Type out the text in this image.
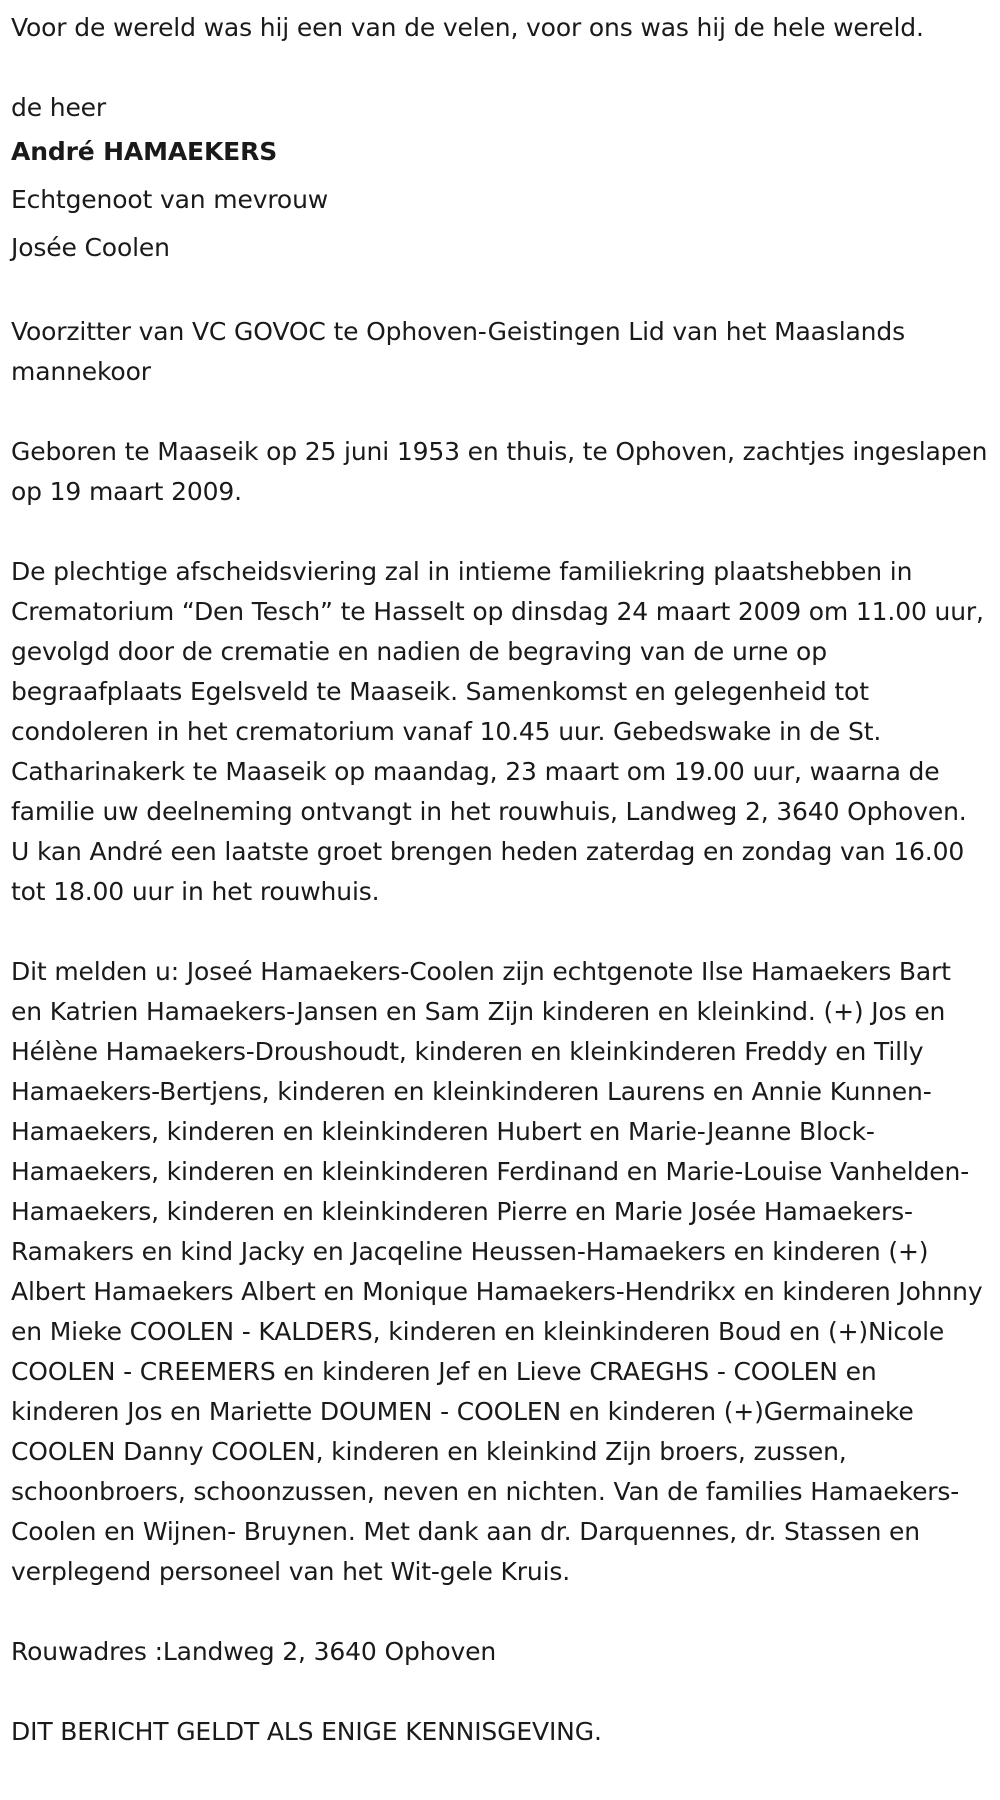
Voor de wereld was hij een van de velen, voor ons was hij de hele wereld.

de heer

André HAMAEKERS

Echtgenoot van mevrouw

Josée Coolen

Voorzitter van VC GOVOC te Ophoven-Geistingen Lid van het Maaslands mannekoor

Geboren te Maaseik op 25 juni 1953 en thuis, te Ophoven, zachtjes ingeslapen op 19 maart 2009.

De plechtige afscheidsviering zal in intieme familiekring plaatshebben in Crematorium “Den Tesch” te Hasselt op dinsdag 24 maart 2009 om 11.00 uur, gevolgd door de crematie en nadien de begraving van de urne op begraafplaats Egelsveld te Maaseik. Samenkomst en gelegenheid tot condoleren in het crematorium vanaf 10.45 uur. Gebedswake in de St. Catharinakerk te Maaseik op maandag, 23 maart om 19.00 uur, waarna de familie uw deelneming ontvangt in het rouwhuis, Landweg 2, 3640 Ophoven. U kan André een laatste groet brengen heden zaterdag en zondag van 16.00 tot 18.00 uur in het rouwhuis.

Dit melden u: Joseé Hamaekers-Coolen zijn echtgenote Ilse Hamaekers Bart en Katrien Hamaekers-Jansen en Sam Zijn kinderen en kleinkind. (+) Jos en Hélène Hamaekers-Droushoudt, kinderen en kleinkinderen Freddy en Tilly Hamaekers-Bertjens, kinderen en kleinkinderen Laurens en Annie Kunnen-Hamaekers, kinderen en kleinkinderen Hubert en Marie-Jeanne Block-Hamaekers, kinderen en kleinkinderen Ferdinand en Marie-Louise Vanhelden-Hamaekers, kinderen en kleinkinderen Pierre en Marie Josée Hamaekers-Ramakers en kind Jacky en Jacqeline Heussen-Hamaekers en kinderen (+) Albert Hamaekers Albert en Monique Hamaekers-Hendrikx en kinderen Johnny en Mieke COOLEN - KALDERS, kinderen en kleinkinderen Boud en (+)Nicole COOLEN - CREEMERS en kinderen Jef en Lieve CRAEGHS - COOLEN en kinderen Jos en Mariette DOUMEN - COOLEN en kinderen (+)Germaineke COOLEN Danny COOLEN, kinderen en kleinkind Zijn broers, zussen, schoonbroers, schoonzussen, neven en nichten. Van de families Hamaekers-Coolen en Wijnen- Bruynen. Met dank aan dr. Darquennes, dr. Stassen en verplegend personeel van het Wit-gele Kruis.

Rouwadres :Landweg 2, 3640 Ophoven

DIT BERICHT GELDT ALS ENIGE KENNISGEVING.
